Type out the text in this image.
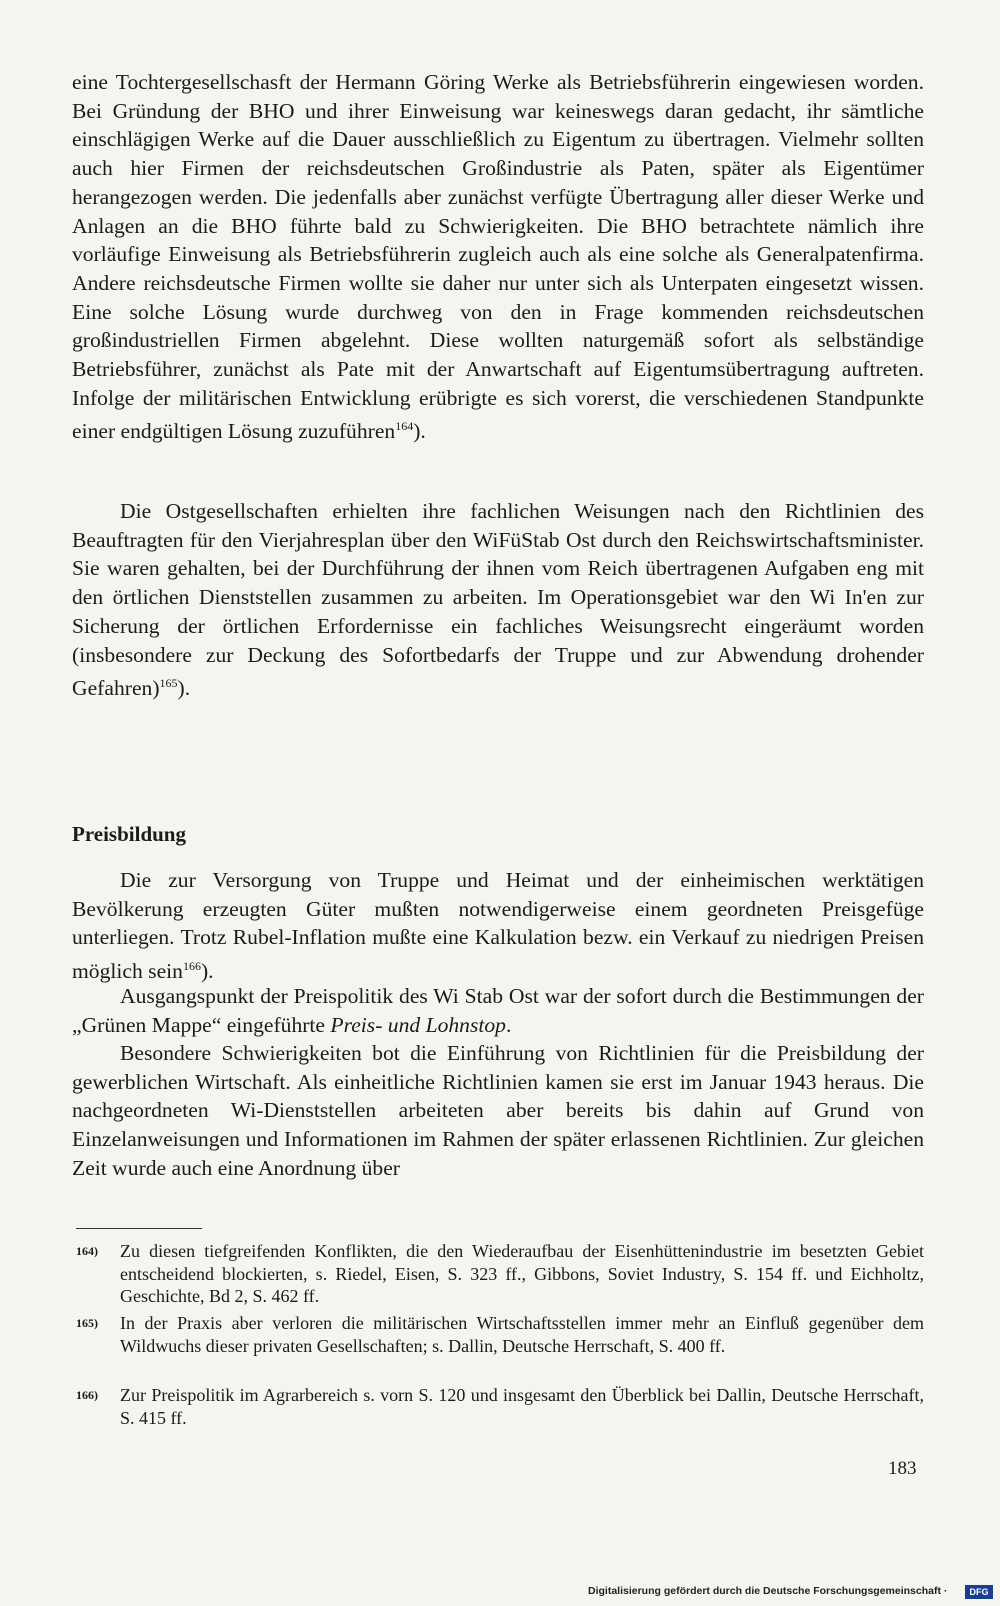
eine Tochtergesellschasft der Hermann Göring Werke als Betriebsführerin eingewiesen worden. Bei Gründung der BHO und ihrer Einweisung war keineswegs daran gedacht, ihr sämtliche einschlägigen Werke auf die Dauer ausschließlich zu Eigentum zu übertragen. Vielmehr sollten auch hier Firmen der reichsdeutschen Großindustrie als Paten, später als Eigentümer herangezogen werden. Die jedenfalls aber zunächst verfügte Übertragung aller dieser Werke und Anlagen an die BHO führte bald zu Schwierigkeiten. Die BHO betrachtete nämlich ihre vorläufige Einweisung als Betriebsführerin zugleich auch als eine solche als Generalpatenfirma. Andere reichsdeutsche Firmen wollte sie daher nur unter sich als Unterpaten eingesetzt wissen. Eine solche Lösung wurde durchweg von den in Frage kommenden reichsdeutschen großindustriellen Firmen abgelehnt. Diese wollten naturgemäß sofort als selbständige Betriebsführer, zunächst als Pate mit der Anwartschaft auf Eigentumsübertragung auftreten. Infolge der militärischen Entwicklung erübrigte es sich vorerst, die verschiedenen Standpunkte einer endgültigen Lösung zuzuführen$^{164}$).

Die Ostgesellschaften erhielten ihre fachlichen Weisungen nach den Richtlinien des Beauftragten für den Vierjahresplan über den WiFüStab Ost durch den Reichswirtschaftsminister. Sie waren gehalten, bei der Durchführung der ihnen vom Reich übertragenen Aufgaben eng mit den örtlichen Dienststellen zusammen zu arbeiten. Im Operationsgebiet war den Wi In'en zur Sicherung der örtlichen Erfordernisse ein fachliches Weisungsrecht eingeräumt worden (insbesondere zur Deckung des Sofortbedarfs der Truppe und zur Abwendung drohender Gefahren)$^{165}$).

Preisbildung

Die zur Versorgung von Truppe und Heimat und der einheimischen werktätigen Bevölkerung erzeugten Güter mußten notwendigerweise einem geordneten Preisgefüge unterliegen. Trotz Rubel-Inflation mußte eine Kalkulation bezw. ein Verkauf zu niedrigen Preisen möglich sein$^{166}$).

Ausgangspunkt der Preispolitik des Wi Stab Ost war der sofort durch die Bestimmungen der „Grünen Mappe“ eingeführte Preis- und Lohnstop.

Besondere Schwierigkeiten bot die Einführung von Richtlinien für die Preisbildung der gewerblichen Wirtschaft. Als einheitliche Richtlinien kamen sie erst im Januar 1943 heraus. Die nachgeordneten Wi-Dienststellen arbeiteten aber bereits bis dahin auf Grund von Einzelanweisungen und Informationen im Rahmen der später erlassenen Richtlinien. Zur gleichen Zeit wurde auch eine Anordnung über

164) Zu diesen tiefgreifenden Konflikten, die den Wiederaufbau der Eisenhüttenindustrie im besetzten Gebiet entscheidend blockierten, s. Riedel, Eisen, S. 323 ff., Gibbons, Soviet Industry, S. 154 ff. und Eichholtz, Geschichte, Bd 2, S. 462 ff.
165) In der Praxis aber verloren die militärischen Wirtschaftsstellen immer mehr an Einfluß gegenüber dem Wildwuchs dieser privaten Gesellschaften; s. Dallin, Deutsche Herrschaft, S. 400 ff.
166) Zur Preispolitik im Agrarbereich s. vorn S. 120 und insgesamt den Überblick bei Dallin, Deutsche Herrschaft, S. 415 ff.
183
Digitalisierung gefördert durch die Deutsche Forschungsgemeinschaft ·	DFG
